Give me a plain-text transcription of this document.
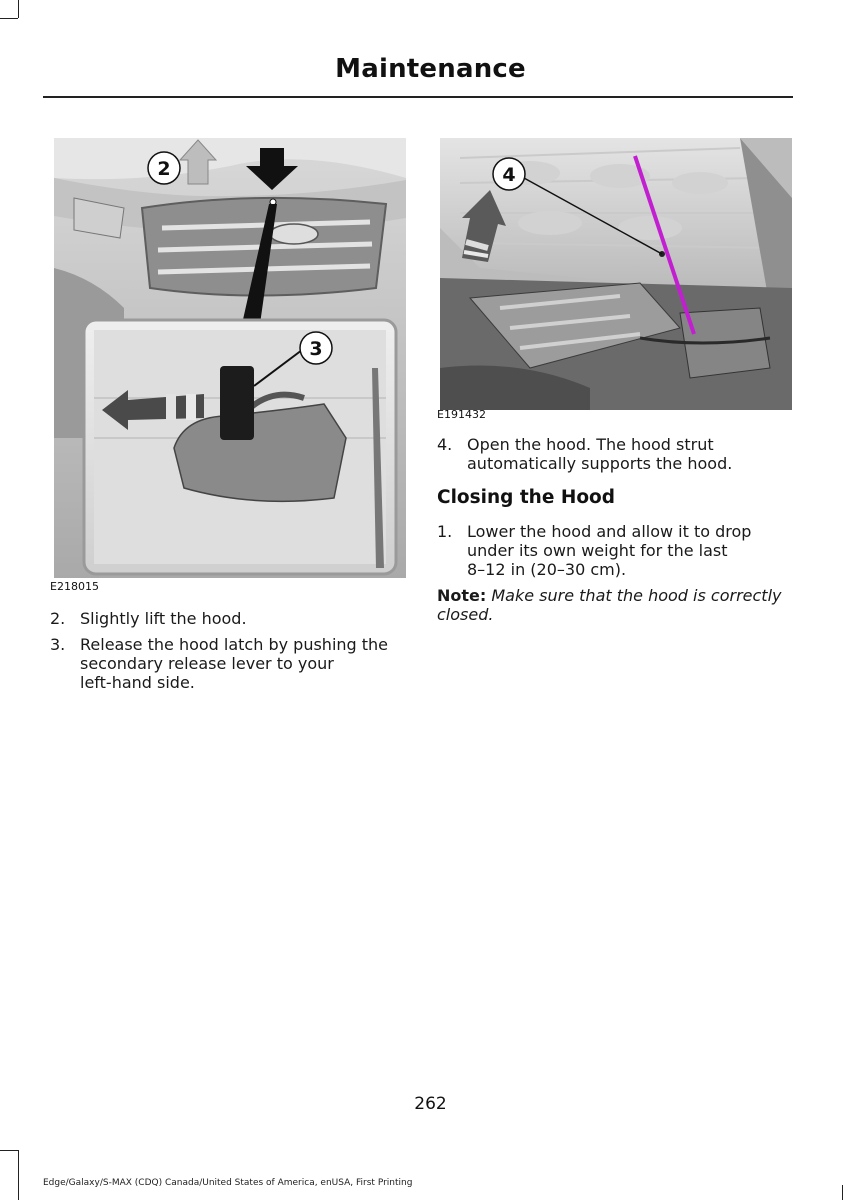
Maintenance
2
3
E218015
4
E191432
2. Slightly lift the hood.
3. Release the hood latch by pushing the
secondary release lever to your
left-hand side.
4. Open the hood. The hood strut
automatically supports the hood.
Closing the Hood
1. Lower the hood and allow it to drop
under its own weight for the last
8–12 in (20–30 cm).
Note: Make sure that the hood is correctly closed.
262
Edge/Galaxy/S-MAX (CDQ) Canada/United States of America, enUSA, First Printing
